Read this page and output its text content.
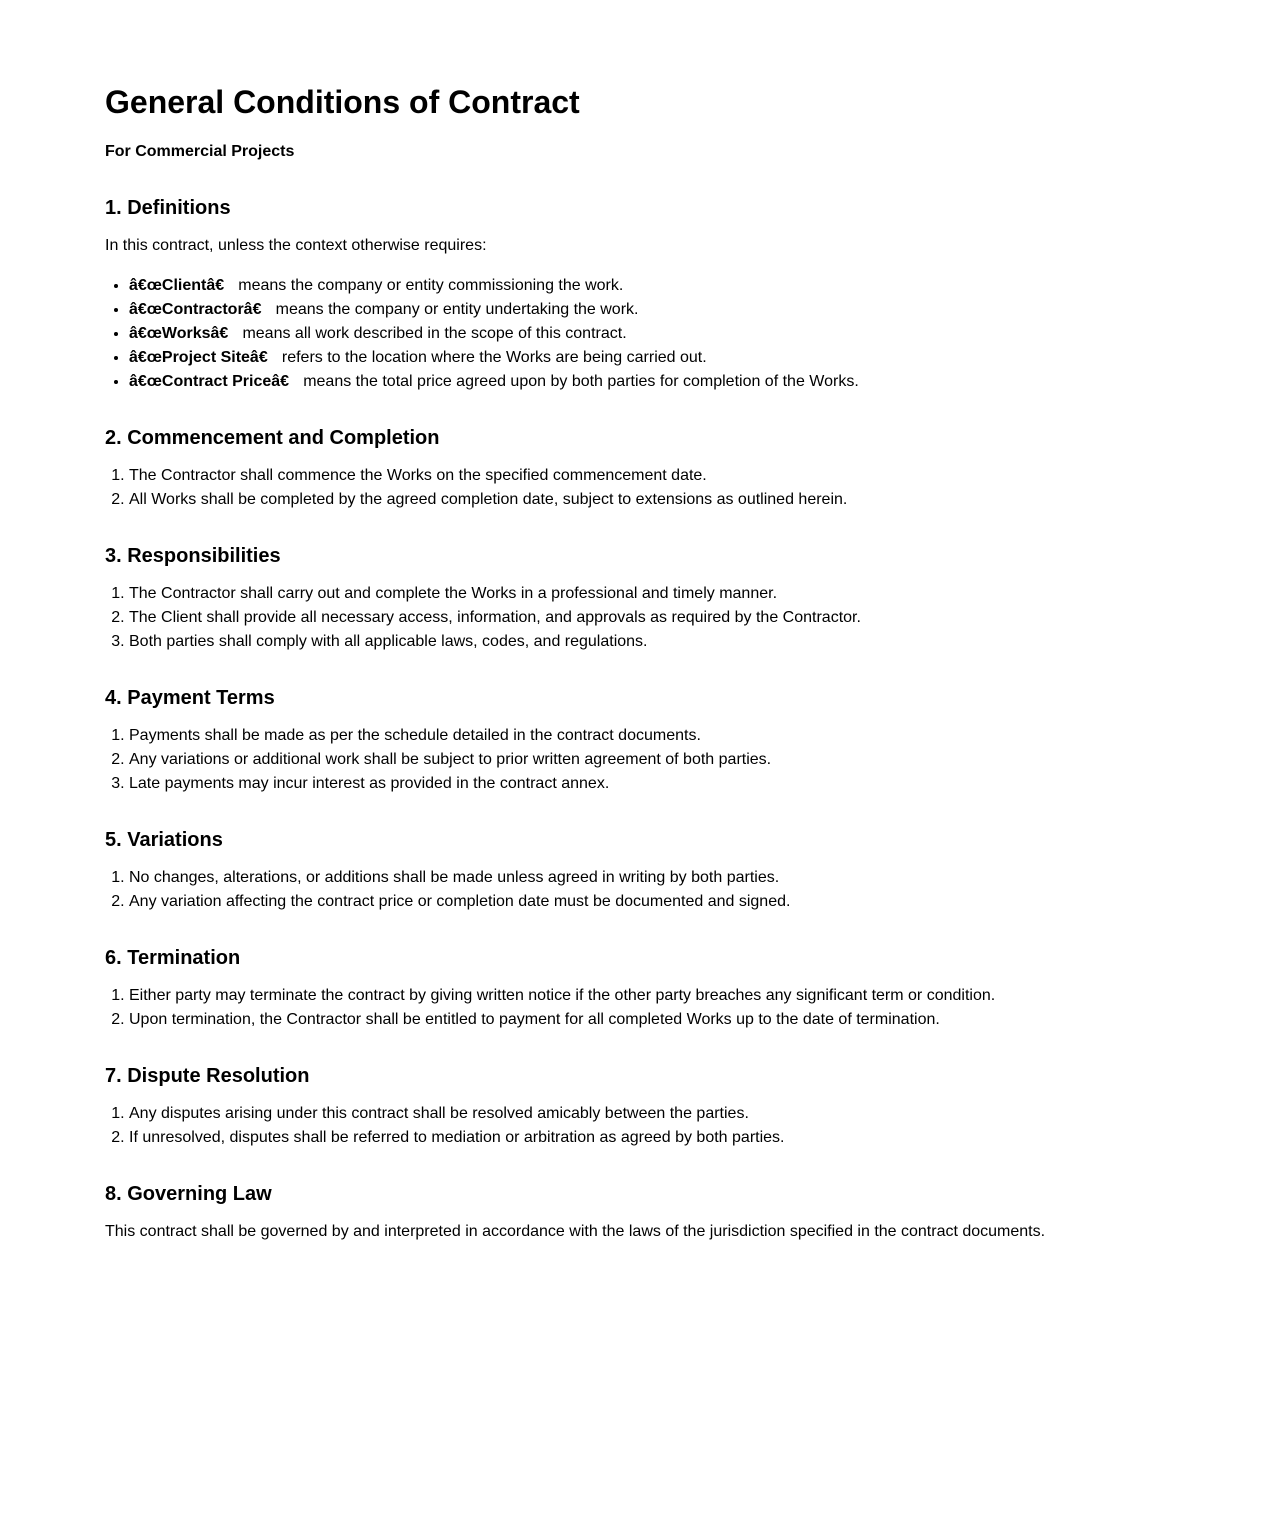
General Conditions of Contract
For Commercial Projects
1. Definitions

In this contract, unless the context otherwise requires:

• â€œClientâ€ means the company or entity commissioning the work.
• â€œContractorâ€ means the company or entity undertaking the work.
• â€œWorksâ€ means all work described in the scope of this contract.
• â€œProject Siteâ€ refers to the location where the Works are being carried out.
• â€œContract Priceâ€ means the total price agreed upon by both parties for completion of the Works.
2. Commencement and Completion
1. The Contractor shall commence the Works on the specified commencement date.
2. All Works shall be completed by the agreed completion date, subject to extensions as outlined herein.
3. Responsibilities
1. The Contractor shall carry out and complete the Works in a professional and timely manner.
2. The Client shall provide all necessary access, information, and approvals as required by the Contractor.
3. Both parties shall comply with all applicable laws, codes, and regulations.
4. Payment Terms
1. Payments shall be made as per the schedule detailed in the contract documents.
2. Any variations or additional work shall be subject to prior written agreement of both parties.
3. Late payments may incur interest as provided in the contract annex.
5. Variations
1. No changes, alterations, or additions shall be made unless agreed in writing by both parties.
2. Any variation affecting the contract price or completion date must be documented and signed.
6. Termination
1. Either party may terminate the contract by giving written notice if the other party breaches any significant term or condition.
2. Upon termination, the Contractor shall be entitled to payment for all completed Works up to the date of termination.
7. Dispute Resolution
1. Any disputes arising under this contract shall be resolved amicably between the parties.
2. If unresolved, disputes shall be referred to mediation or arbitration as agreed by both parties.
8. Governing Law

This contract shall be governed by and interpreted in accordance with the laws of the jurisdiction specified in the contract documents.
